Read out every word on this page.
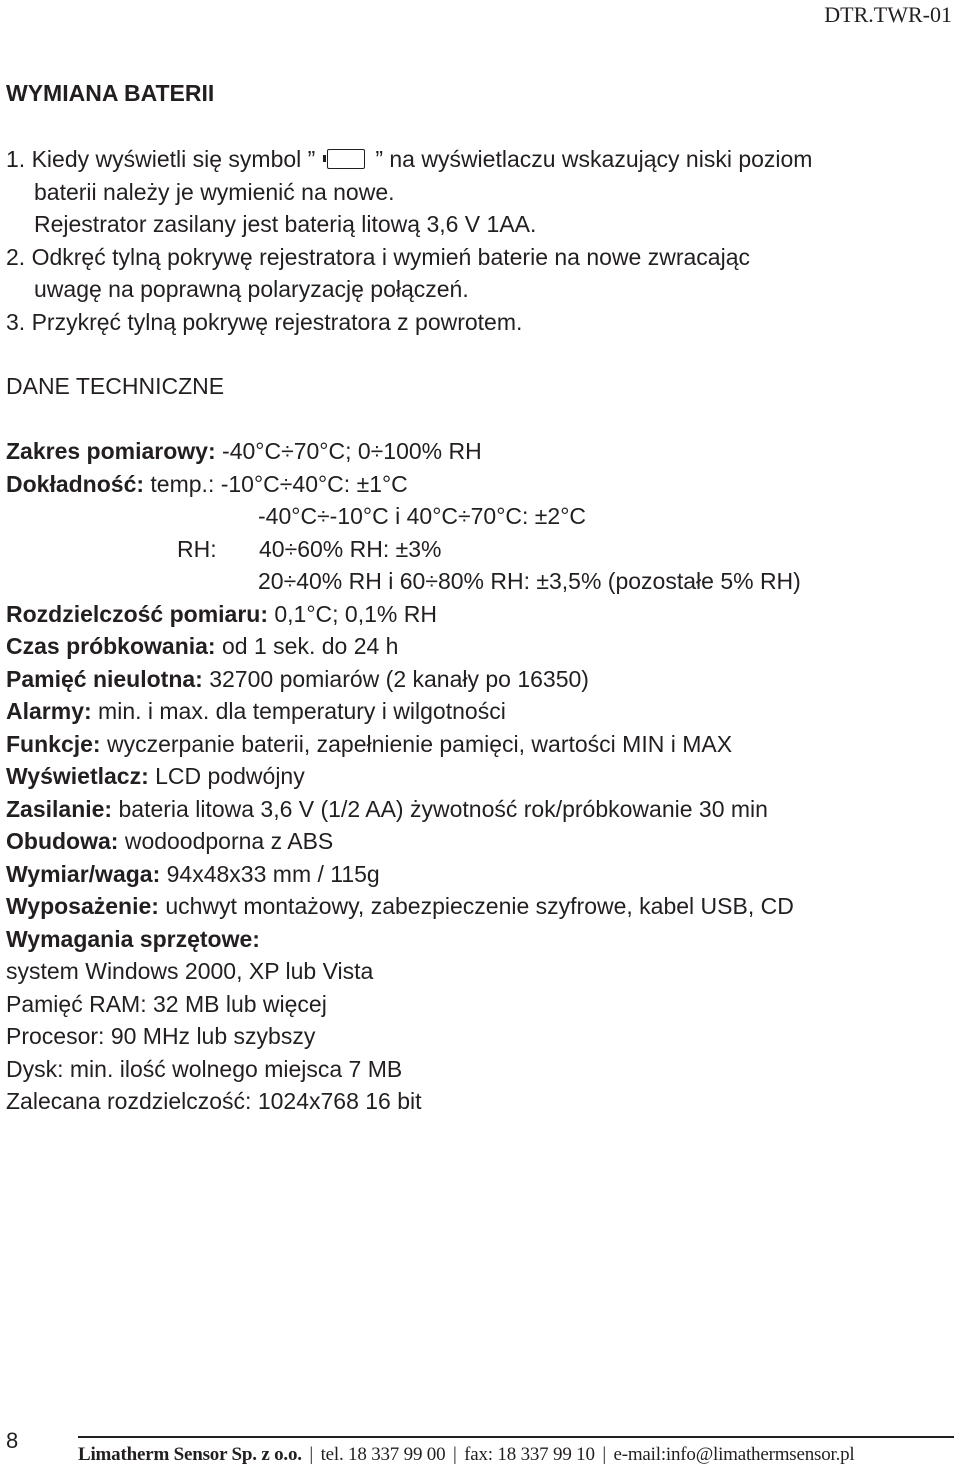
DTR.TWR-01
WYMIANA BATERII
1. Kiedy wyświetli się symbol ”	” na wyświetlaczu wskazujący niski poziom
baterii należy je wymienić na nowe.
Rejestrator zasilany jest baterią litową 3,6 V 1AA.
2. Odkręć tylną pokrywę rejestratora i wymień baterie na nowe zwracając
uwagę na poprawną polaryzację połączeń.
3. Przykręć tylną pokrywę rejestratora z powrotem.
DANE TECHNICZNE
Zakres pomiarowy: -40°C÷70°C; 0÷100% RH
Dokładność: temp.: -10°C÷40°C: ±1°C
-40°C÷-10°C i 40°C÷70°C: ±2°C
RH: 40÷60% RH: ±3%
20÷40% RH i 60÷80% RH: ±3,5% (pozostałe 5% RH)
Rozdzielczość pomiaru: 0,1°C; 0,1% RH
Czas próbkowania: od 1 sek. do 24 h
Pamięć nieulotna: 32700 pomiarów (2 kanały po 16350)
Alarmy: min. i max. dla temperatury i wilgotności
Funkcje: wyczerpanie baterii, zapełnienie pamięci, wartości MIN i MAX
Wyświetlacz: LCD podwójny
Zasilanie: bateria litowa 3,6 V (1/2 AA) żywotność rok/próbkowanie 30 min
Obudowa: wodoodporna z ABS
Wymiar/waga: 94x48x33 mm / 115g
Wyposażenie: uchwyt montażowy, zabezpieczenie szyfrowe, kabel USB, CD
Wymagania sprzętowe:
system Windows 2000, XP lub Vista
Pamięć RAM: 32 MB lub więcej
Procesor: 90 MHz lub szybszy
Dysk: min. ilość wolnego miejsca 7 MB
Zalecana rozdzielczość: 1024x768 16 bit
8
Limatherm Sensor Sp. z o.o. | tel. 18 337 99 00 | fax: 18 337 99 10 | e-mail:info@limathermsensor.pl
